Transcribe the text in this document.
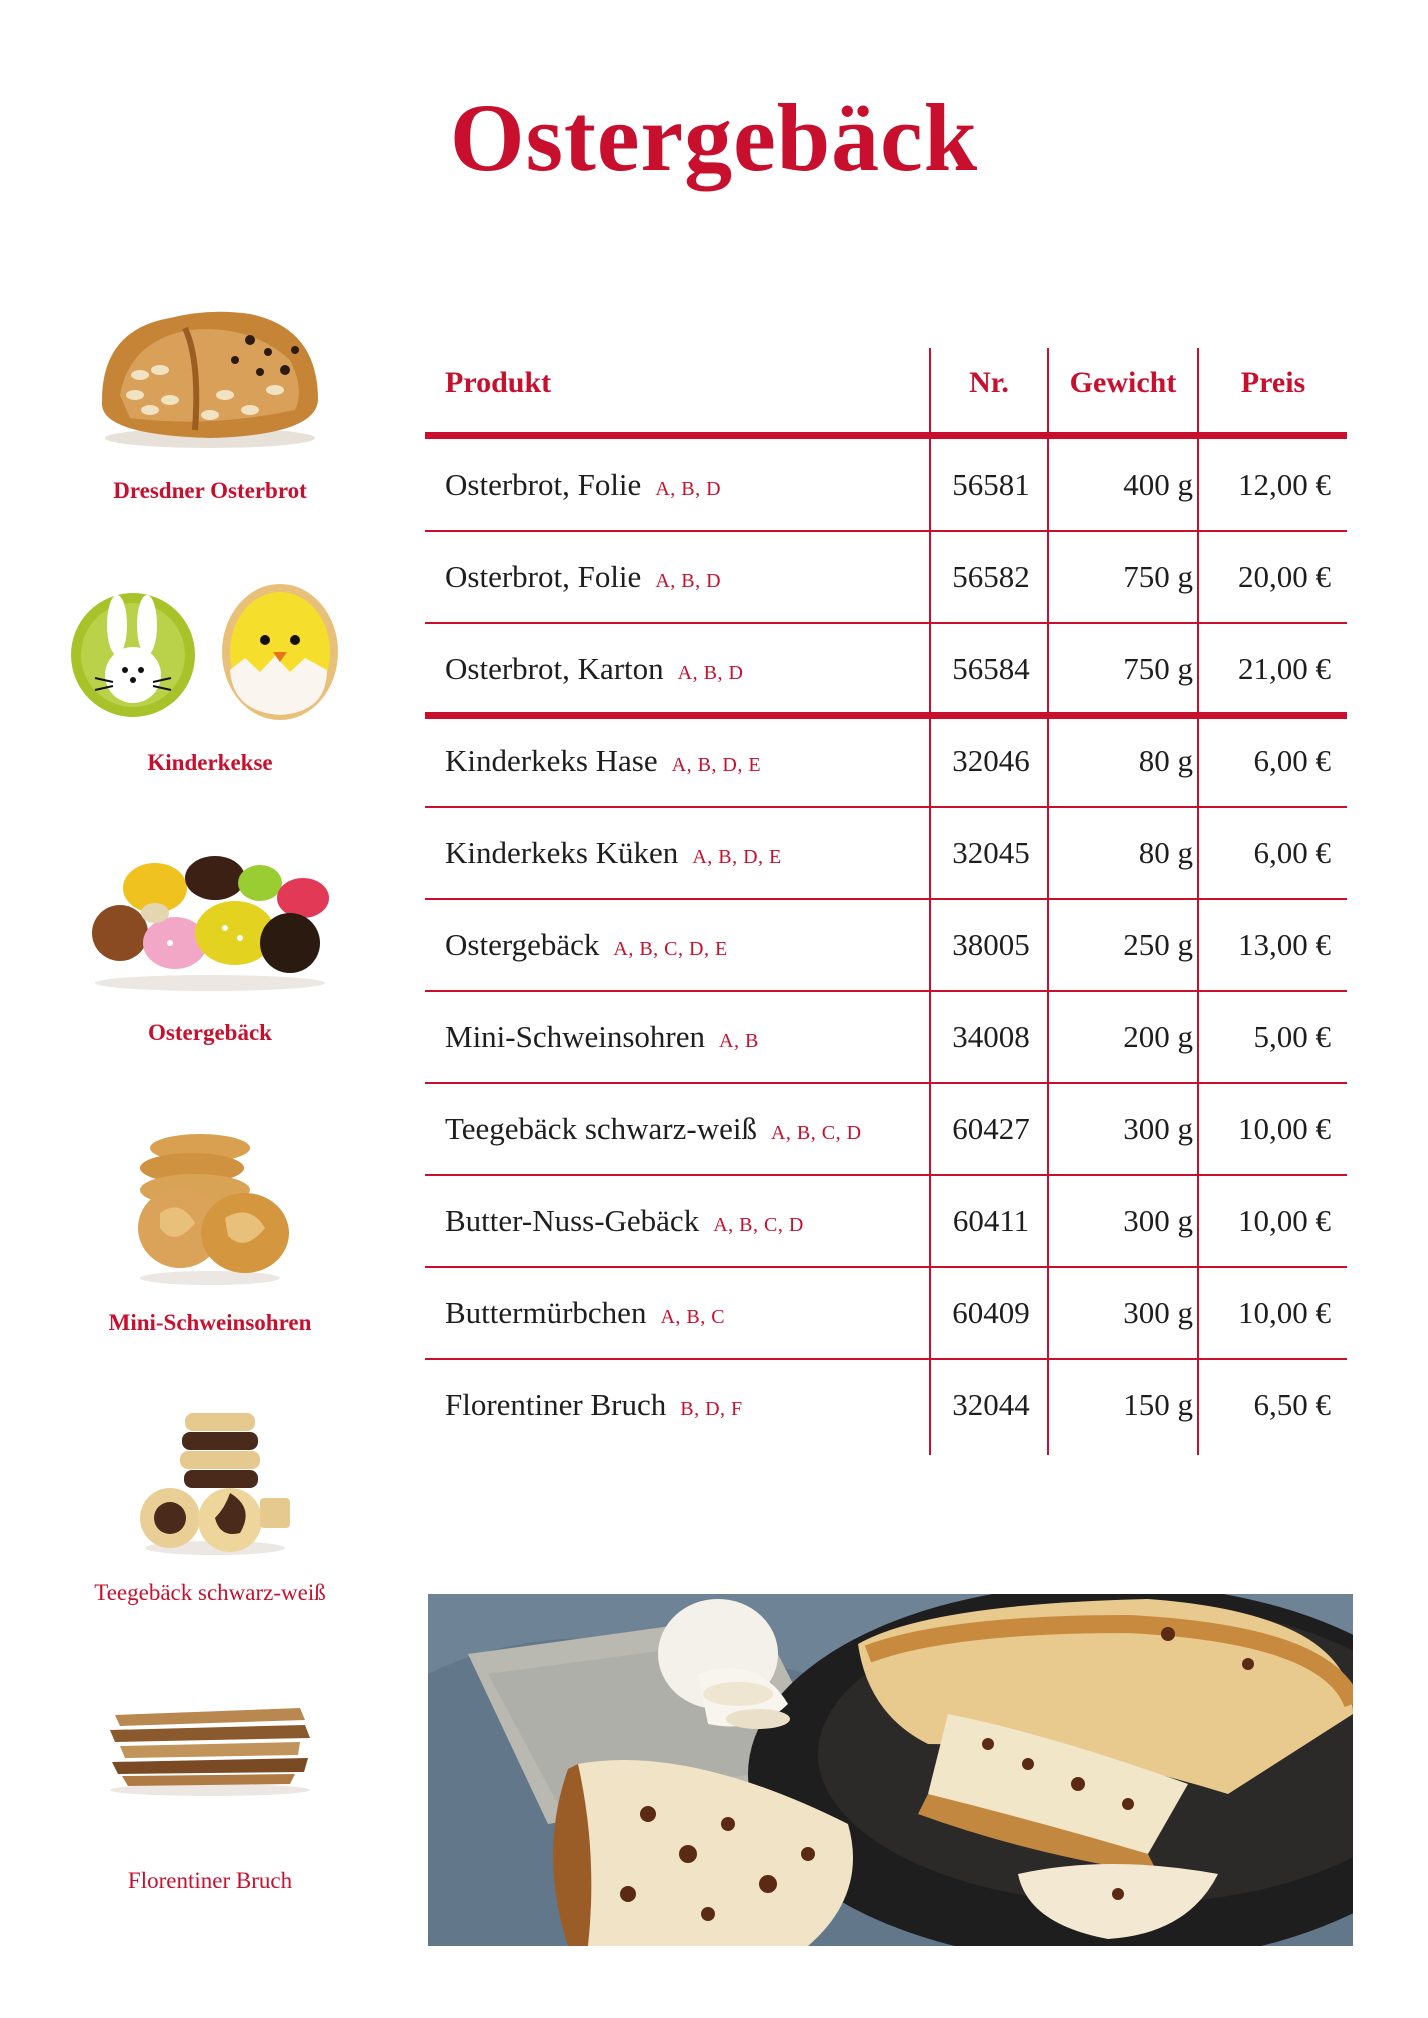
Ostergebäck
Dresdner Osterbrot
Kinderkekse
Ostergebäck
Mini-Schweinsohren
Teegebäck schwarz-weiß
Florentiner Bruch
Produkt	Nr.	Gewicht	Preis
Osterbrot, Folie A, B, D	56581	400 g	12,00 €
Osterbrot, Folie A, B, D	56582	750 g	20,00 €
Osterbrot, Karton A, B, D	56584	750 g	21,00 €
Kinderkeks Hase A, B, D, E	32046	80 g	6,00 €
Kinderkeks Küken A, B, D, E	32045	80 g	6,00 €
Ostergebäck A, B, C, D, E	38005	250 g	13,00 €
Mini-Schweinsohren A, B	34008	200 g	5,00 €
Teegebäck schwarz-weiß A, B, C, D	60427	300 g	10,00 €
Butter-Nuss-Gebäck A, B, C, D	60411	300 g	10,00 €
Buttermürbchen A, B, C	60409	300 g	10,00 €
Florentiner Bruch B, D, F	32044	150 g	6,50 €
